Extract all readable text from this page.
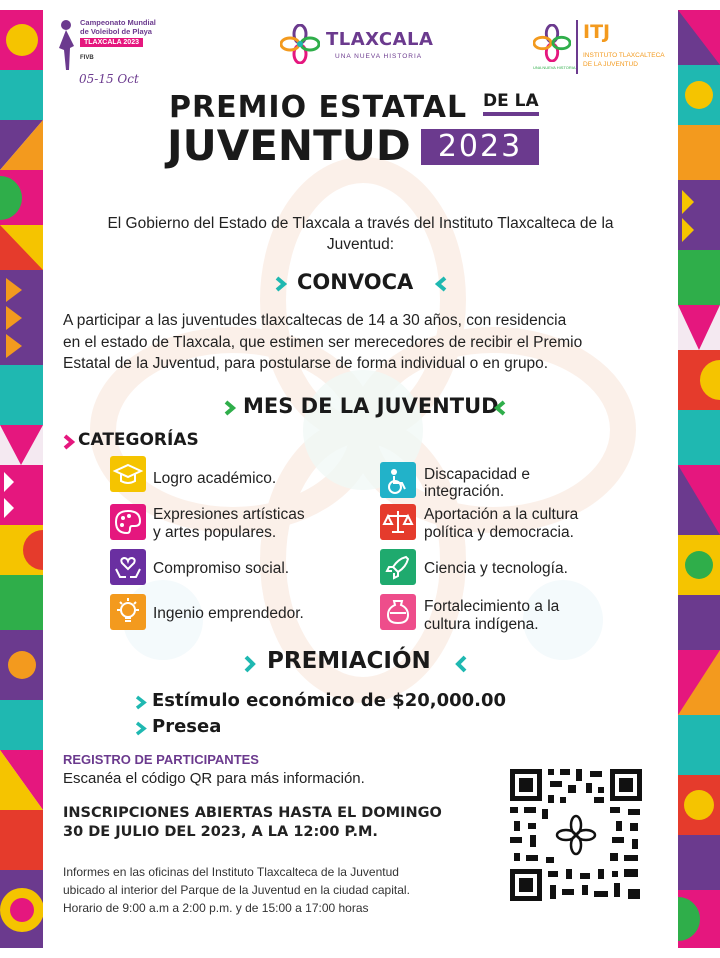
Campeonato Mundial
de Voleibol de Playa
TLAXCALA 2023
FIVB
05-15 Oct
TLAXCALA
UNA NUEVA HISTORIA
UNA NUEVA HISTORIA
ITJ
INSTITUTO TLAXCALTECA
DE LA JUVENTUD
PREMIO ESTATAL DE LA
JUVENTUD 2023
El Gobierno del Estado de Tlaxcala a través del Instituto Tlaxcalteca de la
Juventud:
CONVOCA
A participar a las juventudes tlaxcaltecas de 14 a 30 años, con residencia
en el estado de Tlaxcala, que estimen ser merecedores de recibir el Premio
Estatal de la Juventud, para postularse de forma individual o en grupo.
MES DE LA JUVENTUD
CATEGORÍAS
Logro académico.
Expresiones artísticas
y artes populares.
Compromiso social.
Ingenio emprendedor.
Discapacidad e
integración.
Aportación a la cultura
política y democracia.
Ciencia y tecnología.
Fortalecimiento a la
cultura indígena.
PREMIACIÓN
Estímulo económico de $20,000.00
Presea
REGISTRO DE PARTICIPANTES
Escanéa el código QR para más información.
INSCRIPCIONES ABIERTAS HASTA EL DOMINGO
30 DE JULIO DEL 2023, A LA 12:00 P.M.
Informes en las oficinas del Instituto Tlaxcalteca de la Juventud
ubicado al interior del Parque de la Juventud en la ciudad capital.
Horario de 9:00 a.m a 2:00 p.m. y de 15:00 a 17:00 horas
